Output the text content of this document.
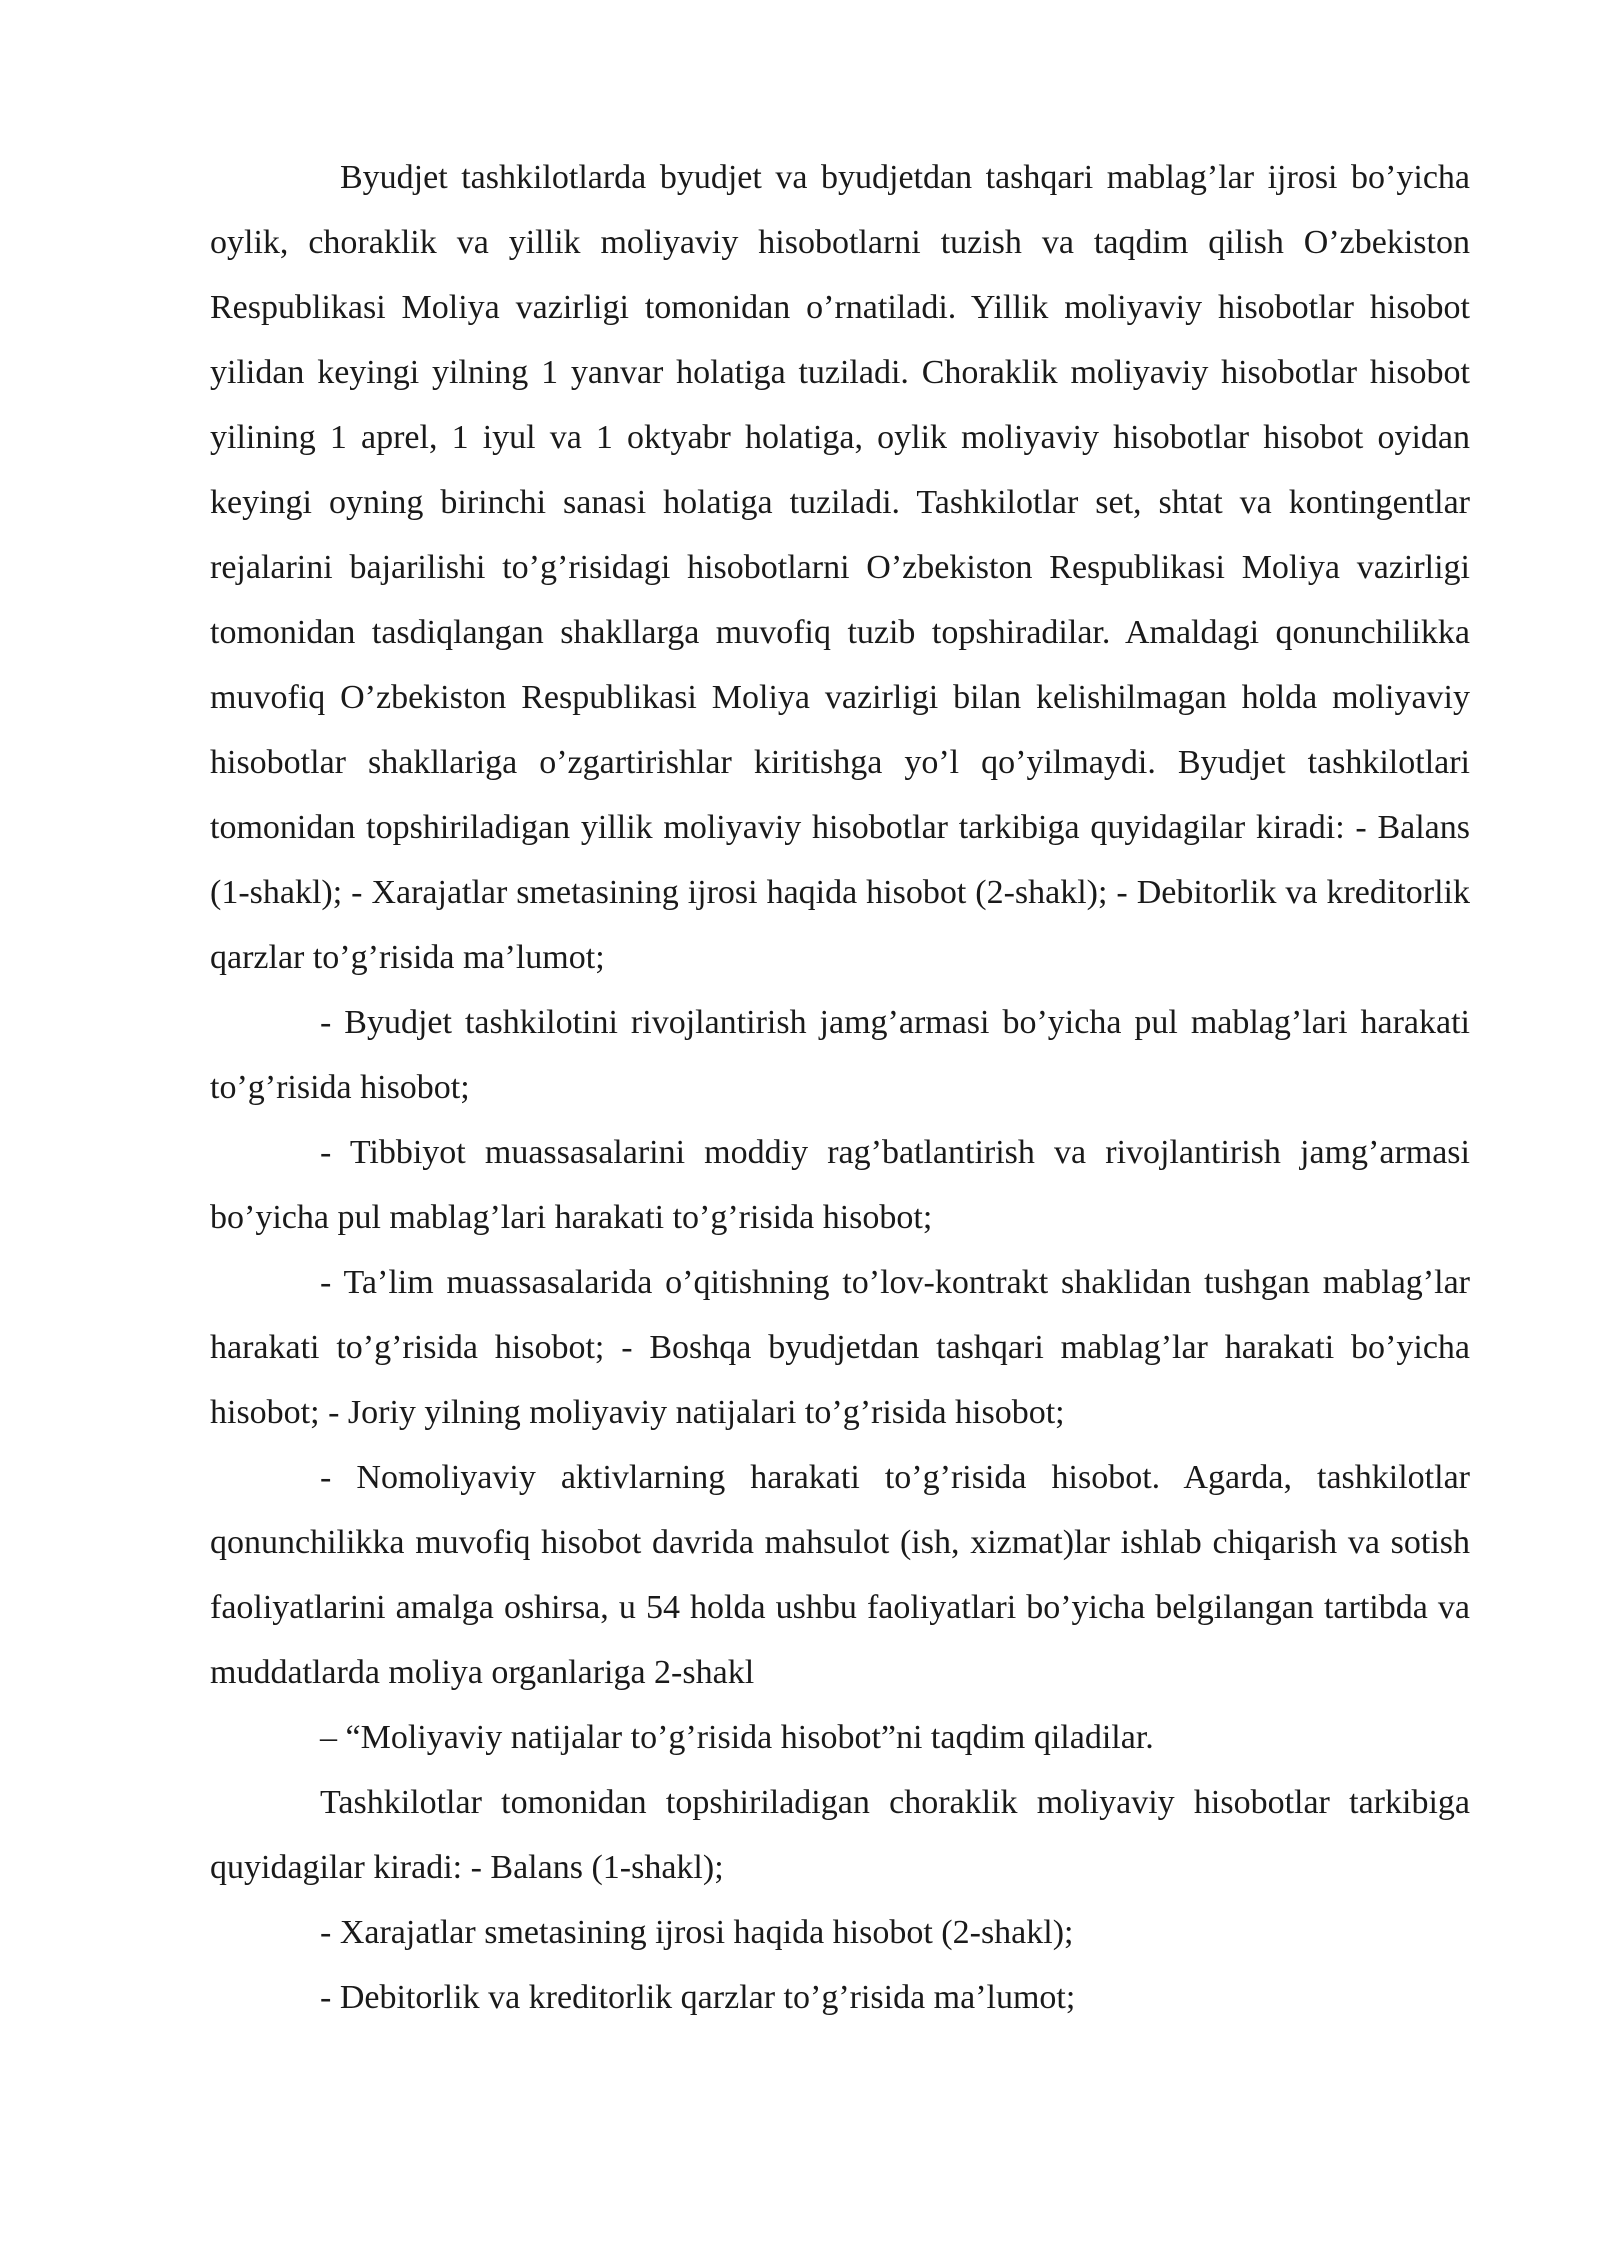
Byudjet tashkilotlarda byudjet va byudjetdan tashqari mablag’lar ijrosi bo’yicha oylik, choraklik va yillik moliyaviy hisobotlarni tuzish va taqdim qilish O’zbekiston Respublikasi Moliya vazirligi tomonidan o’rnatiladi. Yillik moliyaviy hisobotlar hisobot yilidan keyingi yilning 1 yanvar holatiga tuziladi. Choraklik moliyaviy hisobotlar hisobot yilining 1 aprel, 1 iyul va 1 oktyabr holatiga, oylik moliyaviy hisobotlar hisobot oyidan keyingi oyning birinchi sanasi holatiga tuziladi. Tashkilotlar set, shtat va kontingentlar rejalarini bajarilishi to’g’risidagi hisobotlarni O’zbekiston Respublikasi Moliya vazirligi tomonidan tasdiqlangan shakllarga muvofiq tuzib topshiradilar. Amaldagi qonunchilikka muvofiq O’zbekiston Respublikasi Moliya vazirligi bilan kelishilmagan holda moliyaviy hisobotlar shakllariga o’zgartirishlar kiritishga yo’l qo’yilmaydi. Byudjet tashkilotlari tomonidan topshiriladigan yillik moliyaviy hisobotlar tarkibiga quyidagilar kiradi: - Balans (1-shakl); - Xarajatlar smetasining ijrosi haqida hisobot (2-shakl); - Debitorlik va kreditorlik qarzlar to’g’risida ma’lumot;

- Byudjet tashkilotini rivojlantirish jamg’armasi bo’yicha pul mablag’lari harakati to’g’risida hisobot;

- Tibbiyot muassasalarini moddiy rag’batlantirish va rivojlantirish jamg’armasi bo’yicha pul mablag’lari harakati to’g’risida hisobot;

- Ta’lim muassasalarida o’qitishning to’lov-kontrakt shaklidan tushgan mablag’lar harakati to’g’risida hisobot; - Boshqa byudjetdan tashqari mablag’lar harakati bo’yicha hisobot; - Joriy yilning moliyaviy natijalari to’g’risida hisobot;

- Nomoliyaviy aktivlarning harakati to’g’risida hisobot. Agarda, tashkilotlar qonunchilikka muvofiq hisobot davrida mahsulot (ish, xizmat)lar ishlab chiqarish va sotish faoliyatlarini amalga oshirsa, u 54 holda ushbu faoliyatlari bo’yicha belgilangan tartibda va muddatlarda moliya organlariga 2-shakl

– “Moliyaviy natijalar to’g’risida hisobot”ni taqdim qiladilar.

Tashkilotlar tomonidan topshiriladigan choraklik moliyaviy hisobotlar tarkibiga quyidagilar kiradi: - Balans (1-shakl);

- Xarajatlar smetasining ijrosi haqida hisobot (2-shakl);

- Debitorlik va kreditorlik qarzlar to’g’risida ma’lumot;
